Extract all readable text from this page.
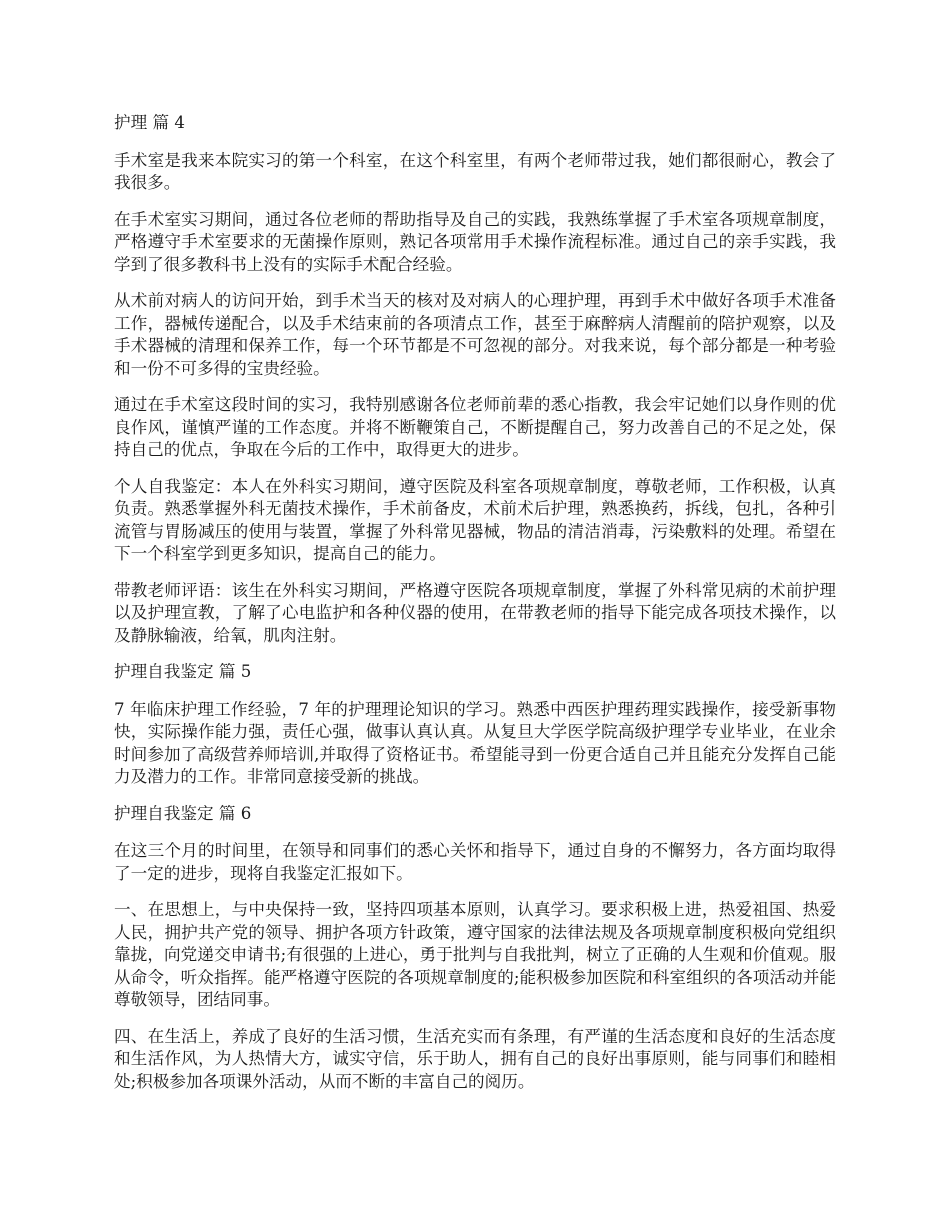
护理 篇 4

手术室是我来本院实习的第一个科室，在这个科室里，有两个老师带过我，她们都很耐心，教会了我很多。

在手术室实习期间，通过各位老师的帮助指导及自己的实践，我熟练掌握了手术室各项规章制度，严格遵守手术室要求的无菌操作原则，熟记各项常用手术操作流程标准。通过自己的亲手实践，我学到了很多教科书上没有的实际手术配合经验。

从术前对病人的访问开始，到手术当天的核对及对病人的心理护理，再到手术中做好各项手术准备工作，器械传递配合，以及手术结束前的各项清点工作，甚至于麻醉病人清醒前的陪护观察，以及手术器械的清理和保养工作，每一个环节都是不可忽视的部分。对我来说，每个部分都是一种考验和一份不可多得的宝贵经验。

通过在手术室这段时间的实习，我特别感谢各位老师前辈的悉心指教，我会牢记她们以身作则的优良作风，谨慎严谨的工作态度。并将不断鞭策自己，不断提醒自己，努力改善自己的不足之处，保持自己的优点，争取在今后的工作中，取得更大的进步。

个人自我鉴定：本人在外科实习期间，遵守医院及科室各项规章制度，尊敬老师，工作积极，认真负责。熟悉掌握外科无菌技术操作，手术前备皮，术前术后护理，熟悉换药，拆线，包扎，各种引流管与胃肠减压的使用与装置，掌握了外科常见器械，物品的清洁消毒，污染敷料的处理。希望在下一个科室学到更多知识，提高自己的能力。

带教老师评语：该生在外科实习期间，严格遵守医院各项规章制度，掌握了外科常见病的术前护理以及护理宣教，了解了心电监护和各种仪器的使用，在带教老师的指导下能完成各项技术操作，以及静脉输液，给氧，肌肉注射。

护理自我鉴定 篇 5

7 年临床护理工作经验，7 年的护理理论知识的学习。熟悉中西医护理药理实践操作，接受新事物快，实际操作能力强，责任心强，做事认真认真。从复旦大学医学院高级护理学专业毕业，在业余时间参加了高级营养师培训,并取得了资格证书。希望能寻到一份更合适自己并且能充分发挥自己能力及潜力的工作。非常同意接受新的挑战。

护理自我鉴定 篇 6

在这三个月的时间里，在领导和同事们的悉心关怀和指导下，通过自身的不懈努力，各方面均取得了一定的进步，现将自我鉴定汇报如下。

一、在思想上，与中央保持一致，坚持四项基本原则，认真学习。要求积极上进，热爱祖国、热爱人民，拥护共产党的领导、拥护各项方针政策，遵守国家的法律法规及各项规章制度积极向党组织靠拢，向党递交申请书;有很强的上进心，勇于批判与自我批判，树立了正确的人生观和价值观。服从命令，听众指挥。能严格遵守医院的各项规章制度的;能积极参加医院和科室组织的各项活动并能尊敬领导，团结同事。

四、在生活上，养成了良好的生活习惯，生活充实而有条理，有严谨的生活态度和良好的生活态度和生活作风，为人热情大方，诚实守信，乐于助人，拥有自己的良好出事原则，能与同事们和睦相处;积极参加各项课外活动，从而不断的丰富自己的阅历。
